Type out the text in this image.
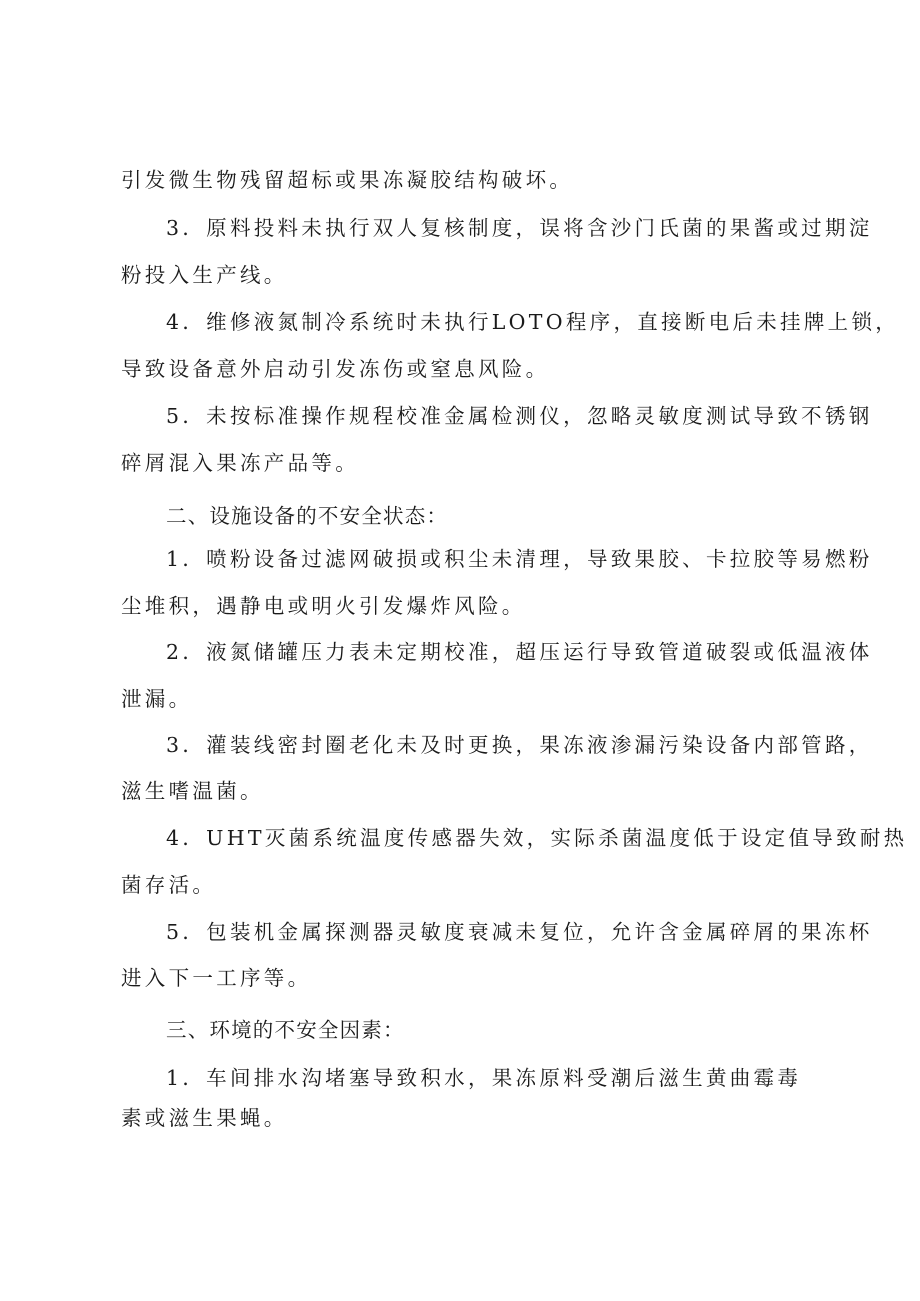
引发微生物残留超标或果冻凝胶结构破坏。
3．原料投料未执行双人复核制度，误将含沙门氏菌的果酱或过期淀
粉投入生产线。
4．维修液氮制冷系统时未执行LOTO程序，直接断电后未挂牌上锁，
导致设备意外启动引发冻伤或窒息风险。
5．未按标准操作规程校准金属检测仪，忽略灵敏度测试导致不锈钢
碎屑混入果冻产品等。
二、设施设备的不安全状态：
1．喷粉设备过滤网破损或积尘未清理，导致果胶、卡拉胶等易燃粉
尘堆积，遇静电或明火引发爆炸风险。
2．液氮储罐压力表未定期校准，超压运行导致管道破裂或低温液体
泄漏。
3．灌装线密封圈老化未及时更换，果冻液渗漏污染设备内部管路，
滋生嗜温菌。
4．UHT灭菌系统温度传感器失效，实际杀菌温度低于设定值导致耐热
菌存活。
5．包装机金属探测器灵敏度衰减未复位，允许含金属碎屑的果冻杯
进入下一工序等。
三、环境的不安全因素：
1．车间排水沟堵塞导致积水，果冻原料受潮后滋生黄曲霉毒
素或滋生果蝇。
